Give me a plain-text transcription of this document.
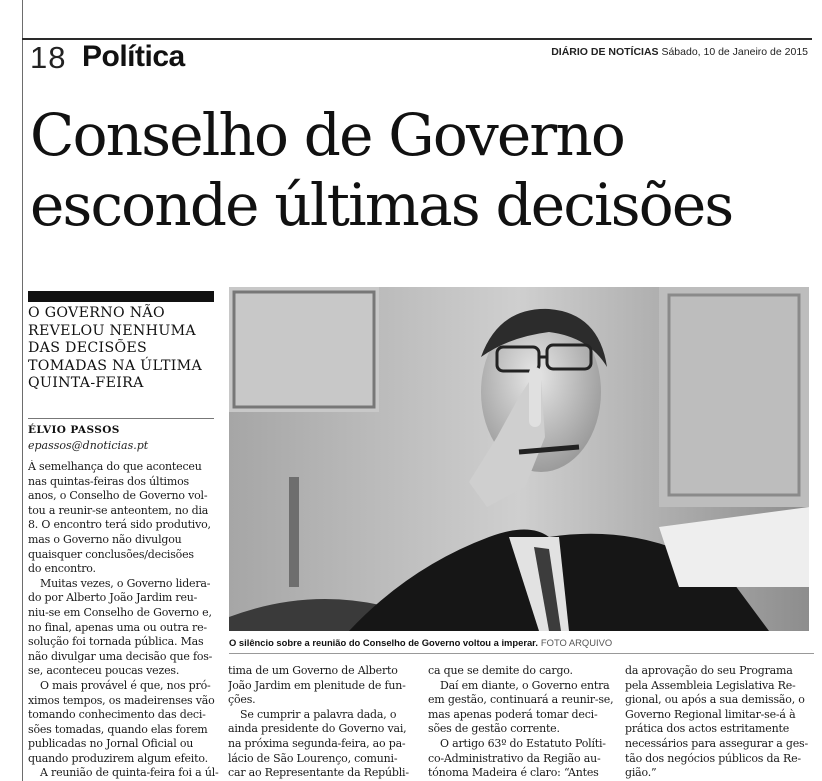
18 Política	DIÁRIO DE NOTÍCIAS Sábado, 10 de Janeiro de 2015
Conselho de Governo
esconde últimas decisões
O GOVERNO NÃO
REVELOU NENHUMA
DAS DECISÕES
TOMADAS NA ÚLTIMA
QUINTA-FEIRA
ÉLVIO PASSOS
epassos@dnoticias.pt
À semelhança do que aconteceu
nas quintas-feiras dos últimos
anos, o Conselho de Governo vol-
tou a reunir-se anteontem, no dia
8. O encontro terá sido produtivo,
mas o Governo não divulgou
quaisquer conclusões/decisões
do encontro.
Muitas vezes, o Governo lidera-
do por Alberto João Jardim reu-
niu-se em Conselho de Governo e,
no final, apenas uma ou outra re-
solução foi tornada pública. Mas
não divulgar uma decisão que fos-
se, aconteceu poucas vezes.
O mais provável é que, nos pró-
ximos tempos, os madeirenses vão
tomando conhecimento das deci-
sões tomadas, quando elas forem
publicadas no Jornal Oficial ou
quando produzirem algum efeito.
A reunião de quinta-feira foi a úl-
O silêncio sobre a reunião do Conselho de Governo voltou a imperar. FOTO ARQUIVO
tima de um Governo de Alberto
João Jardim em plenitude de fun-
ções.
Se cumprir a palavra dada, o
ainda presidente do Governo vai,
na próxima segunda-feira, ao pa-
lácio de São Lourenço, comuni-
car ao Representante da Repúbli-
ca que se demite do cargo.
Daí em diante, o Governo entra
em gestão, continuará a reunir-se,
mas apenas poderá tomar deci-
sões de gestão corrente.
O artigo 63º do Estatuto Políti-
co-Administrativo da Região au-
tónoma Madeira é claro: “Antes
da aprovação do seu Programa
pela Assembleia Legislativa Re-
gional, ou após a sua demissão, o
Governo Regional limitar-se-á à
prática dos actos estritamente
necessários para assegurar a ges-
tão dos negócios públicos da Re-
gião.”
